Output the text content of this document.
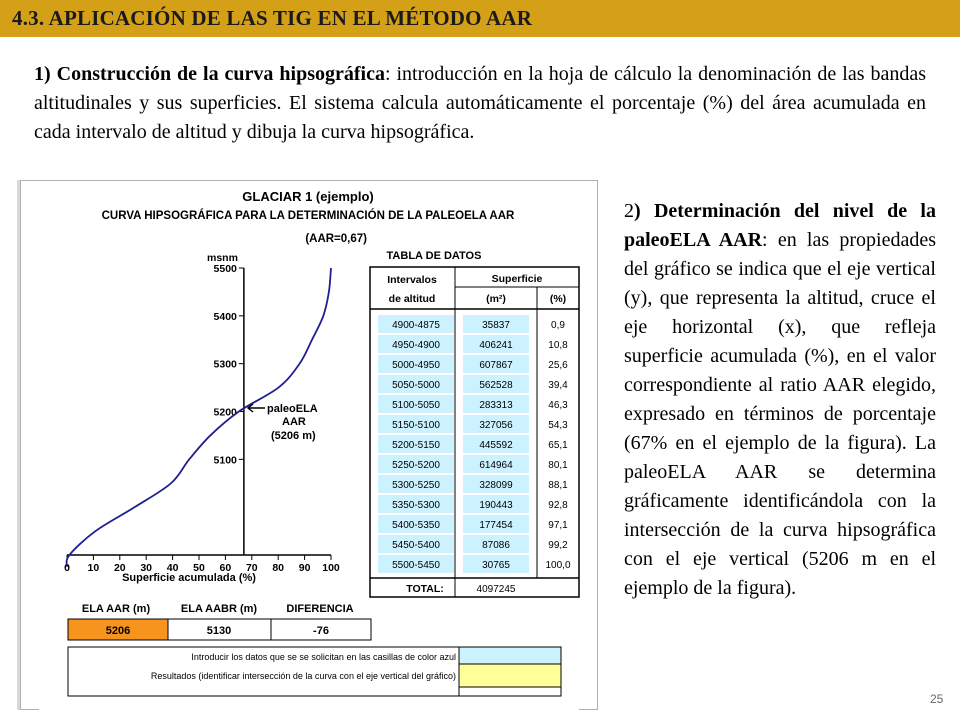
4.3. APLICACIÓN DE LAS TIG EN EL MÉTODO AAR
1) Construcción de la curva hipsográfica: introducción en la hoja de cálculo la denominación de las bandas altitudinales y sus superficies. El sistema calcula automáticamente el porcentaje (%) del área acumulada en cada intervalo de altitud y dibuja la curva hipsográfica.
GLACIAR 1 (ejemplo)
CURVA HIPSOGRÁFICA PARA LA DETERMINACIÓN DE LA PALEOELA AAR
(AAR=0,67)
msnm
0 10 20 30 40 50 60 70 80 90 100
5100
5200
5300
5400
5500
Superficie acumulada (%)
paleoELA
AAR
(5206 m)
TABLA DE DATOS
Intervalos
de altitud
Superficie
(m²)	(%)
4900-4875	35837	0,9
4950-4900	406241	10,8
5000-4950	607867	25,6
5050-5000	562528	39,4
5100-5050	283313	46,3
5150-5100	327056	54,3
5200-5150	445592	65,1
5250-5200	614964	80,1
5300-5250	328099	88,1
5350-5300	190443	92,8
5400-5350	177454	97,1
5450-5400	87086	99,2
5500-5450	30765	100,0
TOTAL:	4097245
ELA AAR (m)	ELA AABR (m)	DIFERENCIA
5206	5130	-76
Introducir los datos que se se solicitan en las casillas de color azul
Resultados (identificar intersección de la curva con el eje vertical del gráfico)
2) Determinación del nivel de la paleoELA AAR: en las propiedades del gráfico se indica que el eje vertical (y), que representa la altitud, cruce el eje horizontal (x), que refleja superficie acumulada (%), en el valor correspondiente al ratio AAR elegido, expresado en términos de porcentaje (67% en el ejemplo de la figura). La paleoELA AAR se determina gráficamente identificándola con la intersección de la curva hipsográfica con el eje vertical (5206 m en el ejemplo de la figura).
25
